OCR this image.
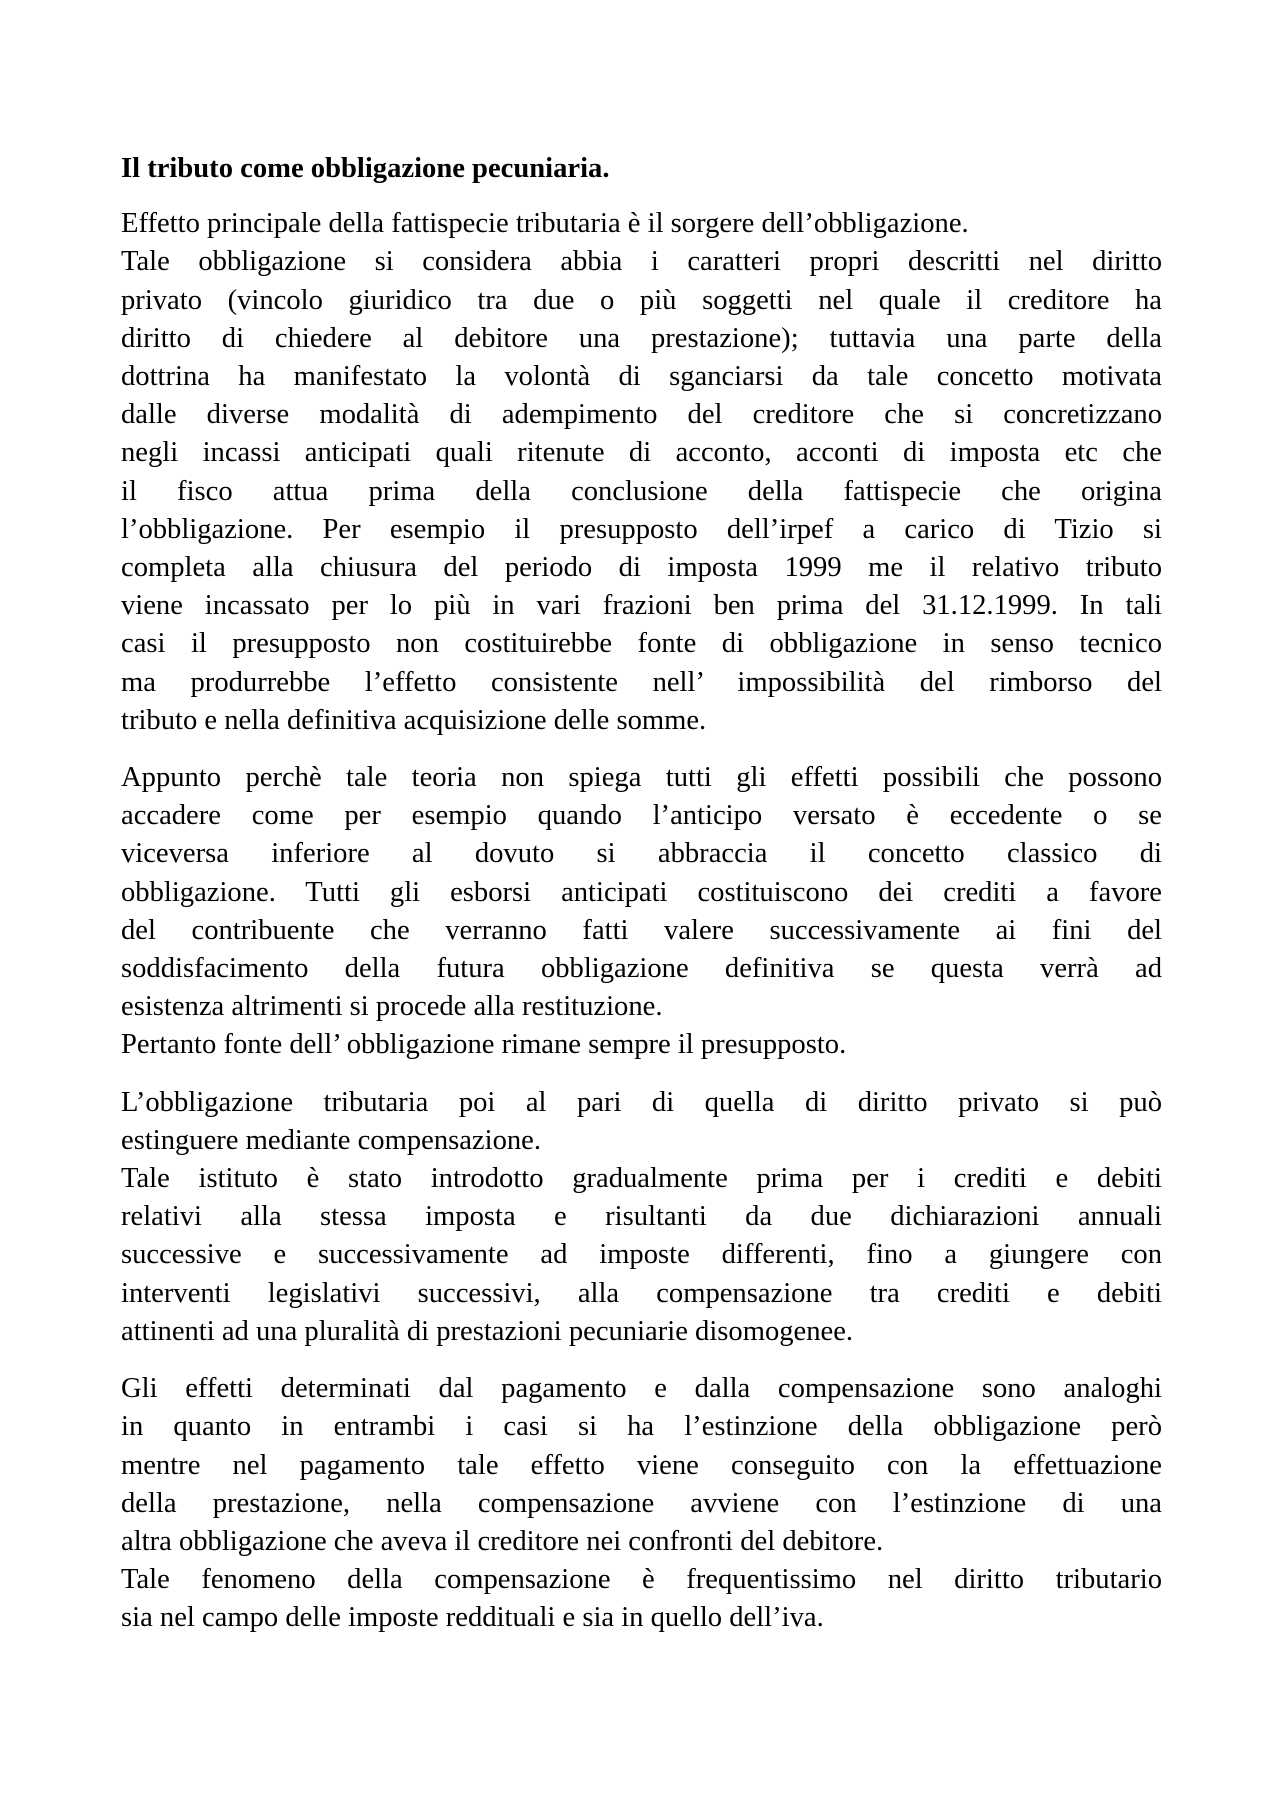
Il tributo come obbligazione pecuniaria.
Effetto principale della fattispecie tributaria è il sorgere dell’obbligazione.
Tale obbligazione si considera abbia i caratteri propri descritti nel diritto
privato (vincolo giuridico tra due o più soggetti nel quale il creditore ha
diritto di chiedere al debitore una prestazione); tuttavia una parte della
dottrina ha manifestato la volontà di sganciarsi da tale concetto motivata
dalle diverse modalità di adempimento del creditore che si concretizzano
negli incassi anticipati quali ritenute di acconto, acconti di imposta etc che
il fisco attua prima della conclusione della fattispecie che origina
l’obbligazione. Per esempio il presupposto dell’irpef a carico di Tizio si
completa alla chiusura del periodo di imposta 1999 me il relativo tributo
viene incassato per lo più in vari frazioni ben prima del 31.12.1999. In tali
casi il presupposto non costituirebbe fonte di obbligazione in senso tecnico
ma produrrebbe l’effetto consistente nell’ impossibilità del rimborso del
tributo e nella definitiva acquisizione delle somme.
Appunto perchè tale teoria non spiega tutti gli effetti possibili che possono
accadere come per esempio quando l’anticipo versato è eccedente o se
viceversa inferiore al dovuto si abbraccia il concetto classico di
obbligazione. Tutti gli esborsi anticipati costituiscono dei crediti a favore
del contribuente che verranno fatti valere successivamente ai fini del
soddisfacimento della futura obbligazione definitiva se questa verrà ad
esistenza altrimenti si procede alla restituzione.
Pertanto fonte dell’ obbligazione rimane sempre il presupposto.
L’obbligazione tributaria poi al pari di quella di diritto privato si può
estinguere mediante compensazione.
Tale istituto è stato introdotto gradualmente prima per i crediti e debiti
relativi alla stessa imposta e risultanti da due dichiarazioni annuali
successive e successivamente ad imposte differenti, fino a giungere con
interventi legislativi successivi, alla compensazione tra crediti e debiti
attinenti ad una pluralità di prestazioni pecuniarie disomogenee.
Gli effetti determinati dal pagamento e dalla compensazione sono analoghi
in quanto in entrambi i casi si ha l’estinzione della obbligazione però
mentre nel pagamento tale effetto viene conseguito con la effettuazione
della prestazione, nella compensazione avviene con l’estinzione di una
altra obbligazione che aveva il creditore nei confronti del debitore.
Tale fenomeno della compensazione è frequentissimo nel diritto tributario
sia nel campo delle imposte reddituali e sia in quello dell’iva.
